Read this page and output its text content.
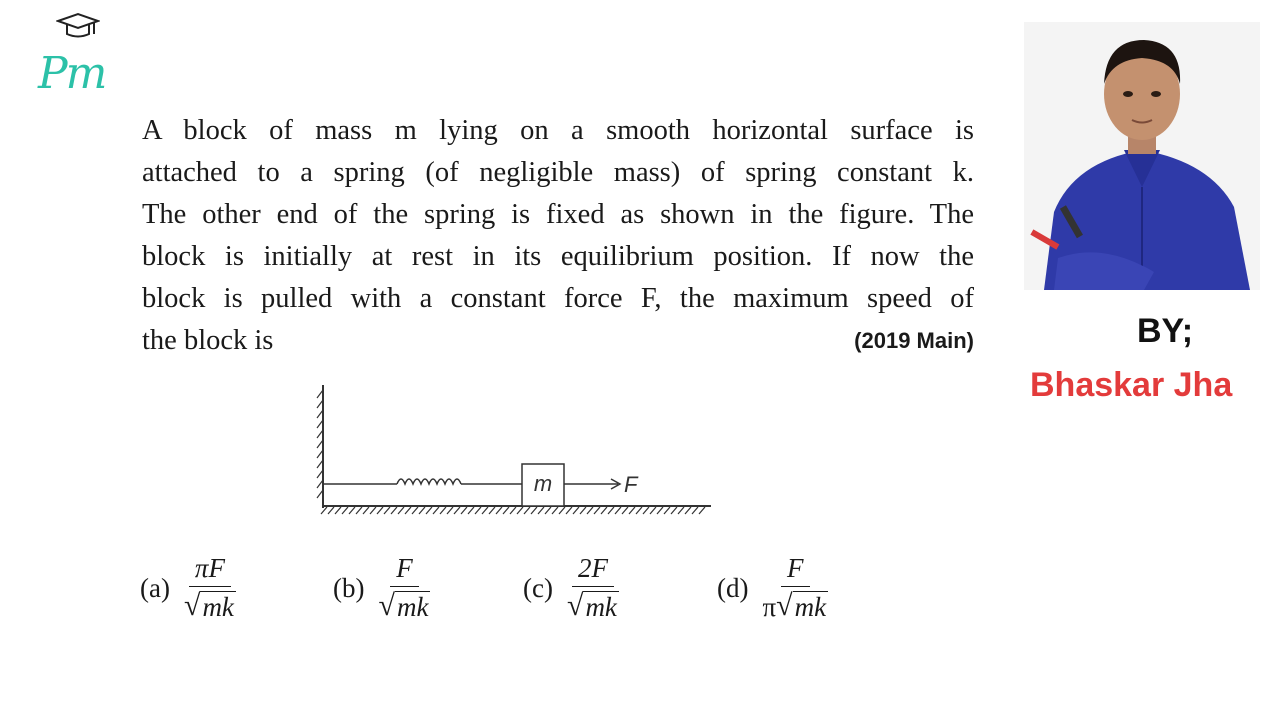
Pm
A block of mass m lying on a smooth horizontal surface is
attached to a spring (of negligible mass) of spring constant k.
The other end of the spring is fixed as shown in the figure. The
block is initially at rest in its equilibrium position. If now the
block is pulled with a constant force F, the maximum speed of
the block is	(2019 Main)
m	F
$(a) \frac{\pi F}{√ mk}$	$(b) \frac{F}{√ mk}$	$(c) \frac{2F}{√ mk}$	$(d) \frac{F}{\pi √ mk}$
BY;
Bhaskar Jha
